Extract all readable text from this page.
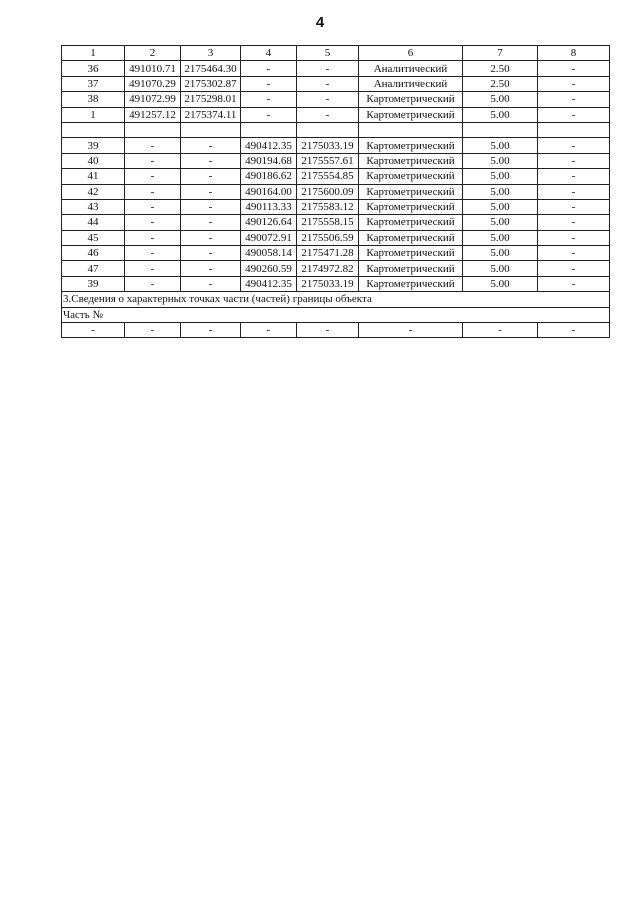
4
1	2	3	4	5	6	7	8
36	491010.71	2175464.30	-	-	Аналитический	2.50	-
37	491070.29	2175302.87	-	-	Аналитический	2.50	-
38	491072.99	2175298.01	-	-	Картометрический	5.00	-
1	491257.12	2175374.11	-	-	Картометрический	5.00	-

39	-	-	490412.35	2175033.19	Картометрический	5.00	-
40	-	-	490194.68	2175557.61	Картометрический	5.00	-
41	-	-	490186.62	2175554.85	Картометрический	5.00	-
42	-	-	490164.00	2175600.09	Картометрический	5.00	-
43	-	-	490113.33	2175583.12	Картометрический	5.00	-
44	-	-	490126.64	2175558.15	Картометрический	5.00	-
45	-	-	490072.91	2175506.59	Картометрический	5.00	-
46	-	-	490058.14	2175471.28	Картометрический	5.00	-
47	-	-	490260.59	2174972.82	Картометрический	5.00	-
39	-	-	490412.35	2175033.19	Картометрический	5.00	-
3.Сведения о характерных точках части (частей) границы объекта							
Часть №							
-	-	-	-	-	-	-	-
